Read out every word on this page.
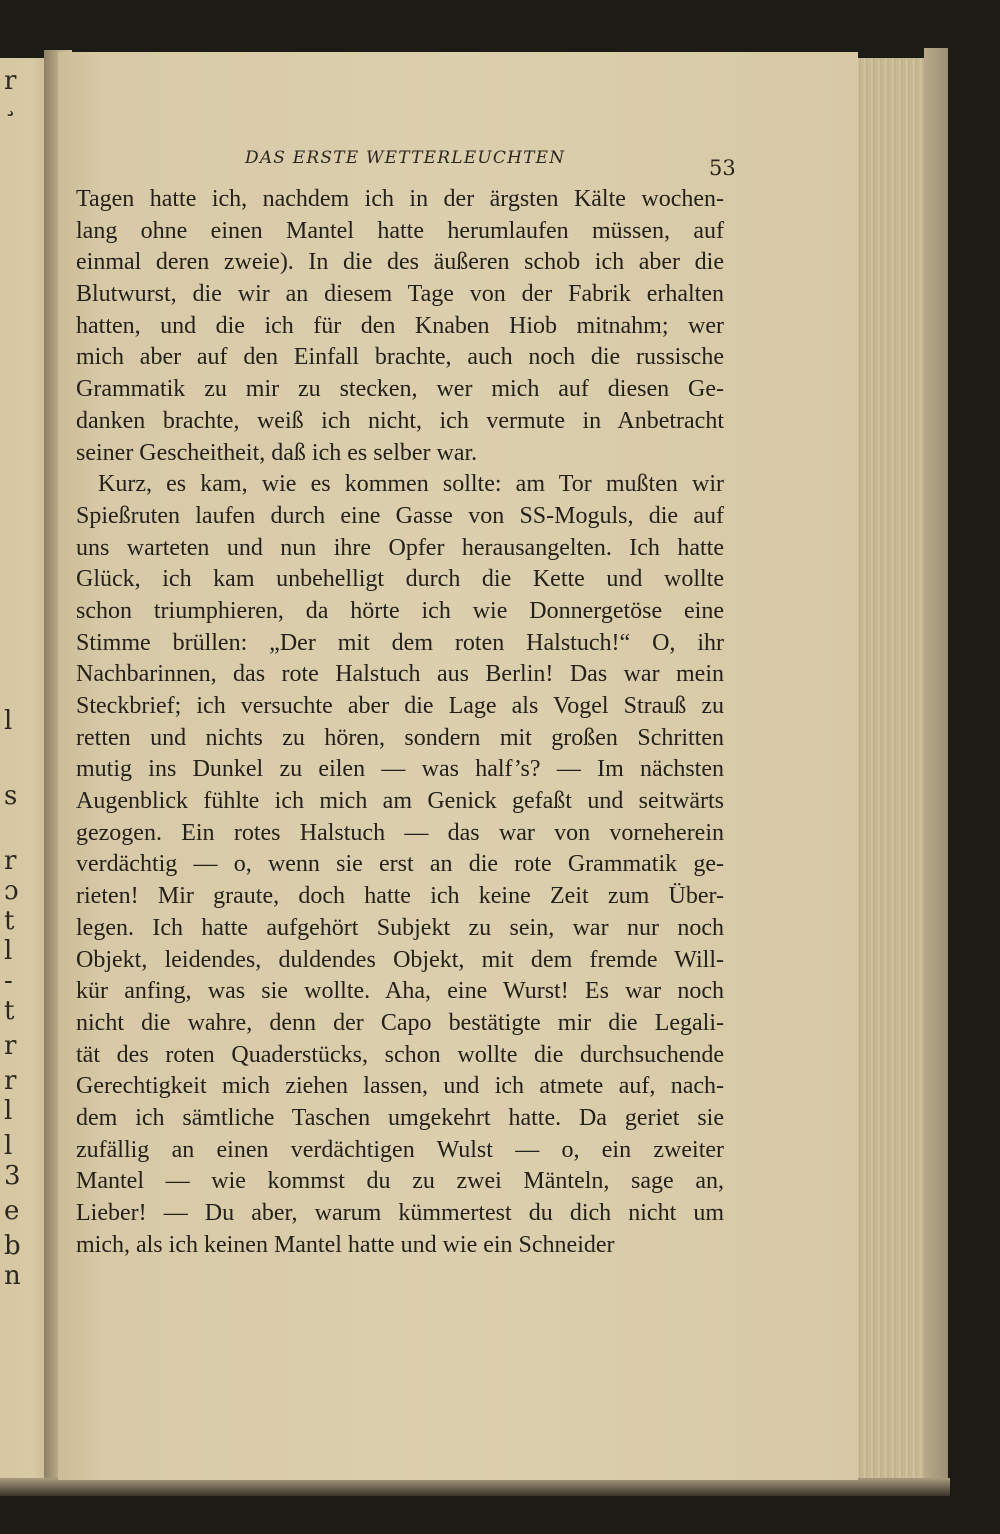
r
¸
l
s
r
ɔ
t
l
-
t
r
r
l
l
3
e
b
n
DAS ERSTE WETTERLEUCHTEN	53
Tagen hatte ich, nachdem ich in der ärgsten Kälte wochen-
lang ohne einen Mantel hatte herumlaufen müssen, auf
einmal deren zweie). In die des äußeren schob ich aber die
Blutwurst, die wir an diesem Tage von der Fabrik erhalten
hatten, und die ich für den Knaben Hiob mitnahm; wer
mich aber auf den Einfall brachte, auch noch die russische
Grammatik zu mir zu stecken, wer mich auf diesen Ge-
danken brachte, weiß ich nicht, ich vermute in Anbetracht
seiner Gescheitheit, daß ich es selber war.
Kurz, es kam, wie es kommen sollte: am Tor mußten wir
Spießruten laufen durch eine Gasse von SS-Moguls, die auf
uns warteten und nun ihre Opfer herausangelten. Ich hatte
Glück, ich kam unbehelligt durch die Kette und wollte
schon triumphieren, da hörte ich wie Donnergetöse eine
Stimme brüllen: „Der mit dem roten Halstuch!“ O, ihr
Nachbarinnen, das rote Halstuch aus Berlin! Das war mein
Steckbrief; ich versuchte aber die Lage als Vogel Strauß zu
retten und nichts zu hören, sondern mit großen Schritten
mutig ins Dunkel zu eilen — was half’s? — Im nächsten
Augenblick fühlte ich mich am Genick gefaßt und seitwärts
gezogen. Ein rotes Halstuch — das war von vorneherein
verdächtig — o, wenn sie erst an die rote Grammatik ge-
rieten! Mir graute, doch hatte ich keine Zeit zum Über-
legen. Ich hatte aufgehört Subjekt zu sein, war nur noch
Objekt, leidendes, duldendes Objekt, mit dem fremde Will-
kür anfing, was sie wollte. Aha, eine Wurst! Es war noch
nicht die wahre, denn der Capo bestätigte mir die Legali-
tät des roten Quaderstücks, schon wollte die durchsuchende
Gerechtigkeit mich ziehen lassen, und ich atmete auf, nach-
dem ich sämtliche Taschen umgekehrt hatte. Da geriet sie
zufällig an einen verdächtigen Wulst — o, ein zweiter
Mantel — wie kommst du zu zwei Mänteln, sage an,
Lieber! — Du aber, warum kümmertest du dich nicht um
mich, als ich keinen Mantel hatte und wie ein Schneider
